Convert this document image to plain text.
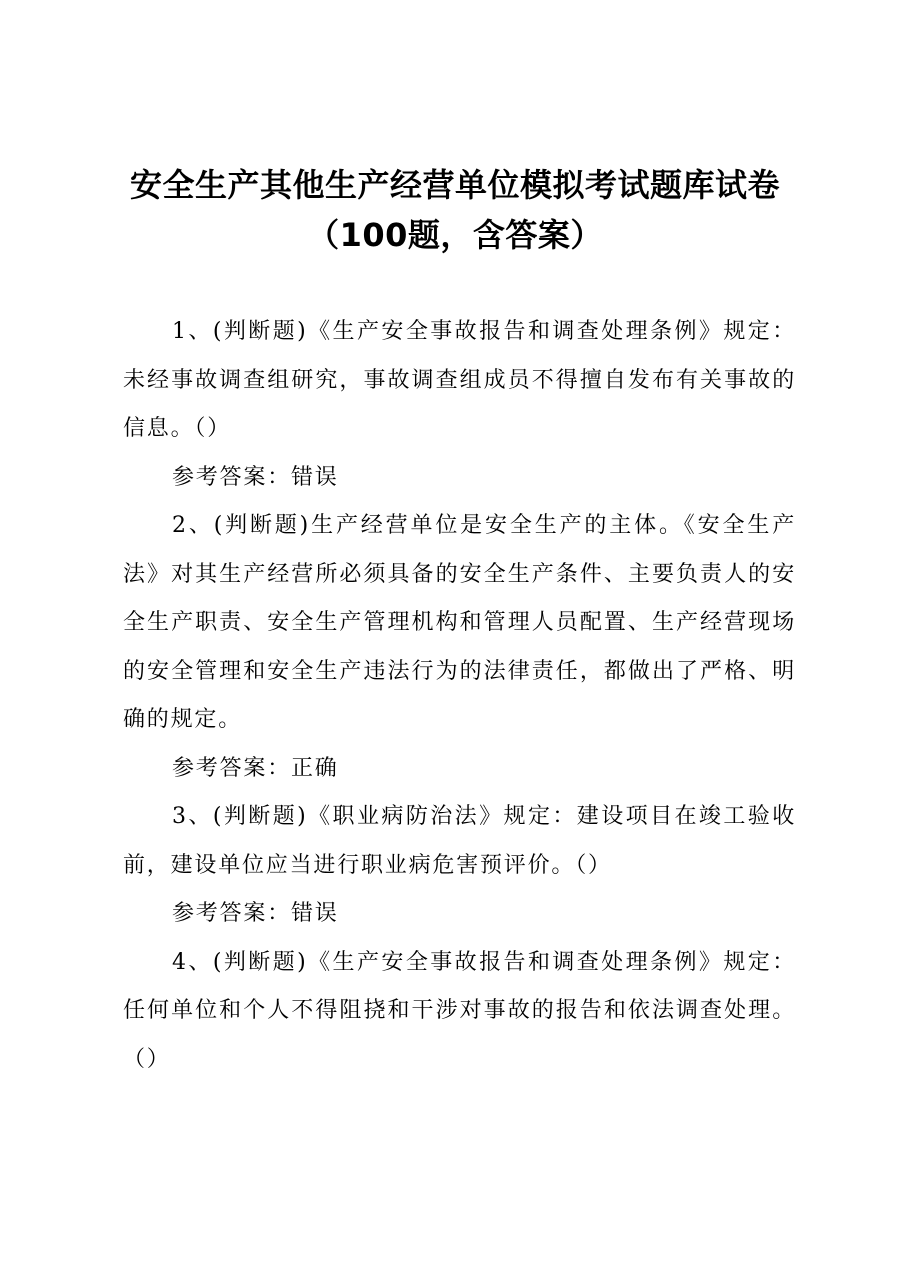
安全生产其他生产经营单位模拟考试题库试卷（100题，含答案）

1、(判断题)《生产安全事故报告和调查处理条例》规定：未经事故调查组研究，事故调查组成员不得擅自发布有关事故的信息。（）

参考答案：错误

2、(判断题)生产经营单位是安全生产的主体。《安全生产法》对其生产经营所必须具备的安全生产条件、主要负责人的安全生产职责、安全生产管理机构和管理人员配置、生产经营现场的安全管理和安全生产违法行为的法律责任，都做出了严格、明确的规定。

参考答案：正确

3、(判断题)《职业病防治法》规定：建设项目在竣工验收前，建设单位应当进行职业病危害预评价。（）

参考答案：错误

4、(判断题)《生产安全事故报告和调查处理条例》规定：任何单位和个人不得阻挠和干涉对事故的报告和依法调查处理。（）
